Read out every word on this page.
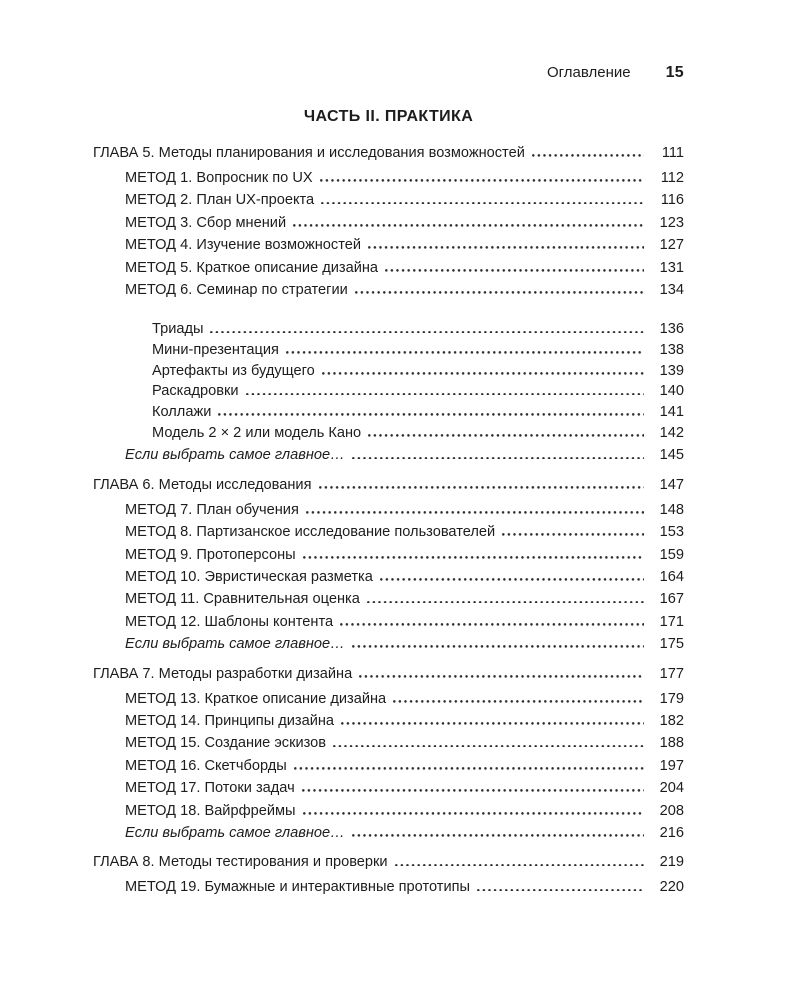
Оглавление 15
ЧАСТЬ II. ПРАКТИКА
ГЛАВА 5. Методы планирования и исследования возможностей	111
МЕТОД 1. Вопросник по UX	112
МЕТОД 2. План UX-проекта	116
МЕТОД 3. Сбор мнений	123
МЕТОД 4. Изучение возможностей	127
МЕТОД 5. Краткое описание дизайна	131
МЕТОД 6. Семинар по стратегии	134
Триады	136
Мини-презентация	138
Артефакты из будущего	139
Раскадровки	140
Коллажи	141
Модель 2 × 2 или модель Кано	142
Если выбрать самое главное…	145
ГЛАВА 6. Методы исследования	147
МЕТОД 7. План обучения	148
МЕТОД 8. Партизанское исследование пользователей	153
МЕТОД 9. Протоперсоны	159
МЕТОД 10. Эвристическая разметка	164
МЕТОД 11. Сравнительная оценка	167
МЕТОД 12. Шаблоны контента	171
Если выбрать самое главное…	175
ГЛАВА 7. Методы разработки дизайна	177
МЕТОД 13. Краткое описание дизайна	179
МЕТОД 14. Принципы дизайна	182
МЕТОД 15. Создание эскизов	188
МЕТОД 16. Скетчборды	197
МЕТОД 17. Потоки задач	204
МЕТОД 18. Вайрфреймы	208
Если выбрать самое главное…	216
ГЛАВА 8. Методы тестирования и проверки	219
МЕТОД 19. Бумажные и интерактивные прототипы	220
